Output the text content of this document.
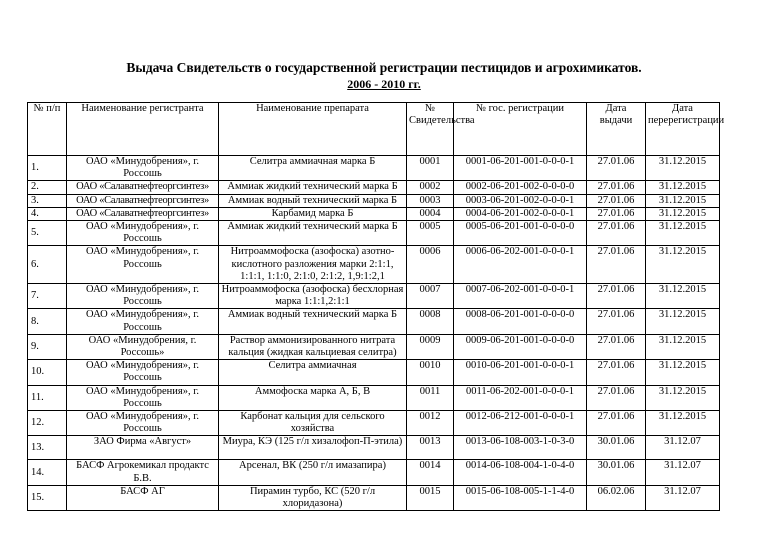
Выдача Свидетельств о государственной регистрации пестицидов и агрохимикатов.
2006 - 2010 гг.
№ п/п	Наименование регистранта	Наименование препарата	№ Свидетельства	№ гос. регистрации	Дата выдачи	Дата перерегистрации
1.	ОАО «Минудобрения», г. Россошь	Селитра аммиачная марка Б	0001	0001-06-201-001-0-0-0-1	27.01.06	31.12.2015
2.	ОАО «Салаватнефтеоргсинтез»	Аммиак жидкий технический марка Б	0002	0002-06-201-002-0-0-0-0	27.01.06	31.12.2015
3.	ОАО «Салаватнефтеоргсинтез»	Аммиак водный технический марка Б	0003	0003-06-201-002-0-0-0-1	27.01.06	31.12.2015
4.	ОАО «Салаватнефтеоргсинтез»	Карбамид марка Б	0004	0004-06-201-002-0-0-0-1	27.01.06	31.12.2015
5.	ОАО «Минудобрения», г. Россошь	Аммиак жидкий технический марка Б	0005	0005-06-201-001-0-0-0-0	27.01.06	31.12.2015
6.	ОАО «Минудобрения», г. Россошь	Нитроаммофоска (азофоска) азотно-кислотного разложения марки 2:1:1, 1:1:1, 1:1:0, 2:1:0, 2:1:2, 1,9:1:2,1	0006	0006-06-202-001-0-0-0-1	27.01.06	31.12.2015
7.	ОАО «Минудобрения», г. Россошь	Нитроаммофоска (азофоска) бесхлорная марка 1:1:1,2:1:1	0007	0007-06-202-001-0-0-0-1	27.01.06	31.12.2015
8.	ОАО «Минудобрения», г. Россошь	Аммиак водный технический марка Б	0008	0008-06-201-001-0-0-0-0	27.01.06	31.12.2015
9.	ОАО «Минудобрения, г. Россошь»	Раствор аммонизированного нитрата кальция (жидкая кальциевая селитра)	0009	0009-06-201-001-0-0-0-0	27.01.06	31.12.2015
10.	ОАО «Минудобрения», г. Россошь	Селитра аммиачная	0010	0010-06-201-001-0-0-0-1	27.01.06	31.12.2015
11.	ОАО «Минудобрения», г. Россошь	Аммофоска марка А, Б, В	0011	0011-06-202-001-0-0-0-1	27.01.06	31.12.2015
12.	ОАО «Минудобрения», г. Россошь	Карбонат кальция для сельского хозяйства	0012	0012-06-212-001-0-0-0-1	27.01.06	31.12.2015
13.	ЗАО Фирма «Август»	Миура, КЭ (125 г/л хизалофоп-П-этила)	0013	0013-06-108-003-1-0-3-0	30.01.06	31.12.07
14.	БАСФ Агрокемикал продактс Б.В.	Арсенал, ВК (250 г/л имазапира)	0014	0014-06-108-004-1-0-4-0	30.01.06	31.12.07
15.	БАСФ АГ	Пирамин турбо, КС (520 г/л хлоридазона)	0015	0015-06-108-005-1-1-4-0	06.02.06	31.12.07
